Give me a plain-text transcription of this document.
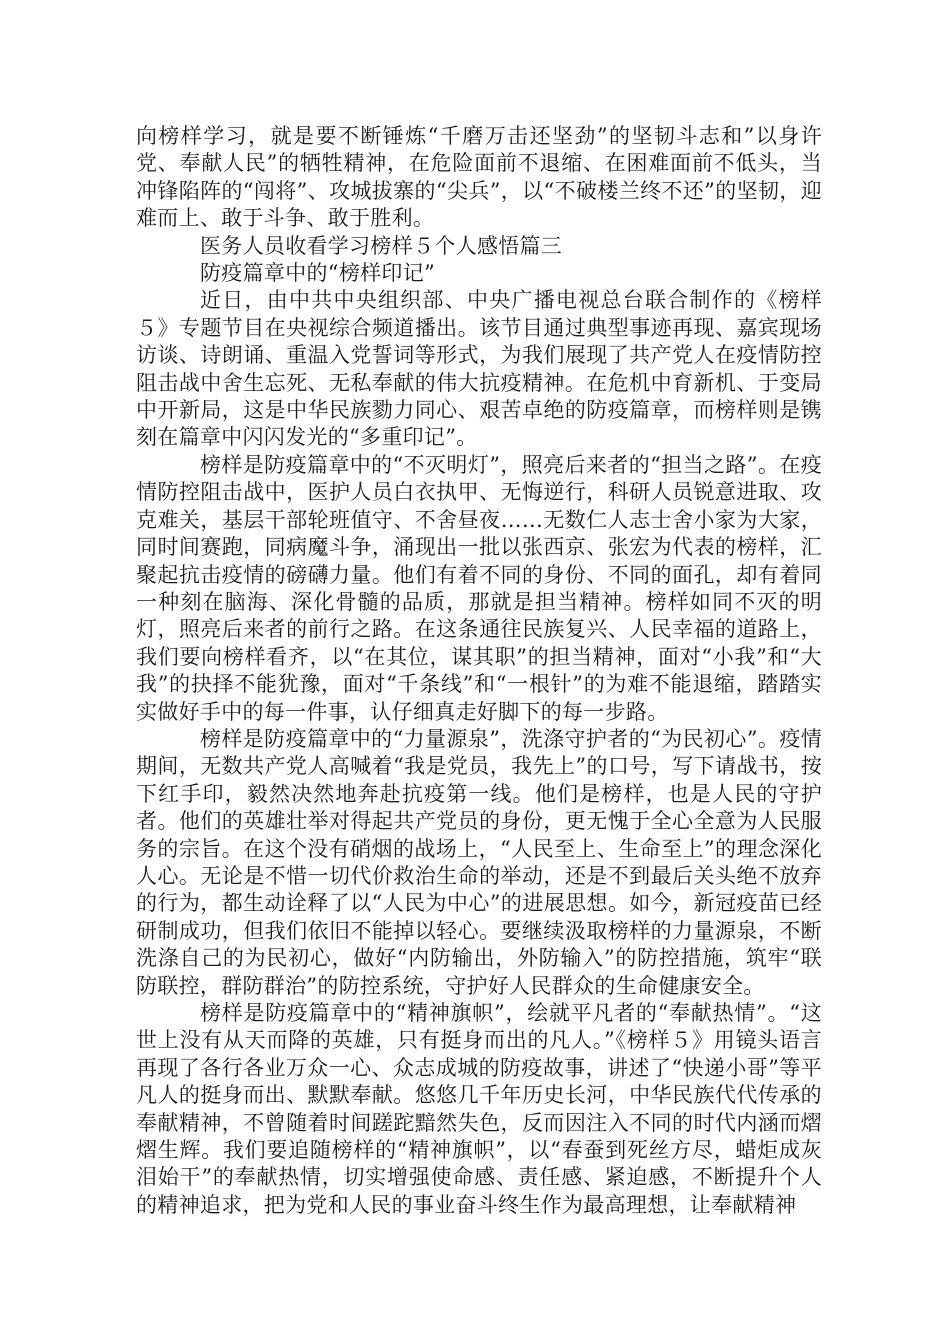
向榜样学习，就是要不断锤炼“千磨万击还坚劲”的坚韧斗志和”以身许党、奉献人民”的牺牲精神，在危险面前不退缩、在困难面前不低头，当冲锋陷阵的“闯将”、攻城拔寨的“尖兵”，以“不破楼兰终不还”的坚韧，迎难而上、敢于斗争、敢于胜利。

医务人员收看学习榜样５个人感悟篇三

防疫篇章中的“榜样印记”

近日，由中共中央组织部、中央广播电视总台联合制作的《榜样５》专题节目在央视综合频道播出。该节目通过典型事迹再现、嘉宾现场访谈、诗朗诵、重温入党誓词等形式，为我们展现了共产党人在疫情防控阻击战中舍生忘死、无私奉献的伟大抗疫精神。在危机中育新机、于变局中开新局，这是中华民族勠力同心、艰苦卓绝的防疫篇章，而榜样则是镌刻在篇章中闪闪发光的“多重印记”。

榜样是防疫篇章中的“不灭明灯”，照亮后来者的“担当之路”。在疫情防控阻击战中，医护人员白衣执甲、无悔逆行，科研人员锐意进取、攻克难关，基层干部轮班值守、不舍昼夜……无数仁人志士舍小家为大家，同时间赛跑，同病魔斗争，涌现出一批以张西京、张宏为代表的榜样，汇聚起抗击疫情的磅礴力量。他们有着不同的身份、不同的面孔，却有着同一种刻在脑海、深化骨髓的品质，那就是担当精神。榜样如同不灭的明灯，照亮后来者的前行之路。在这条通往民族复兴、人民幸福的道路上，我们要向榜样看齐，以“在其位，谋其职”的担当精神，面对“小我”和“大我”的抉择不能犹豫，面对“千条线”和“一根针”的为难不能退缩，踏踏实实做好手中的每一件事，认仔细真走好脚下的每一步路。

榜样是防疫篇章中的“力量源泉”，洗涤守护者的“为民初心”。疫情期间，无数共产党人高喊着“我是党员，我先上”的口号，写下请战书，按下红手印，毅然决然地奔赴抗疫第一线。他们是榜样，也是人民的守护者。他们的英雄壮举对得起共产党员的身份，更无愧于全心全意为人民服务的宗旨。在这个没有硝烟的战场上，“人民至上、生命至上”的理念深化人心。无论是不惜一切代价救治生命的举动，还是不到最后关头绝不放弃的行为，都生动诠释了以“人民为中心”的进展思想。如今，新冠疫苗已经研制成功，但我们依旧不能掉以轻心。要继续汲取榜样的力量源泉，不断洗涤自己的为民初心，做好“内防输出，外防输入”的防控措施，筑牢“联防联控，群防群治”的防控系统，守护好人民群众的生命健康安全。

榜样是防疫篇章中的“精神旗帜”，绘就平凡者的“奉献热情”。“这世上没有从天而降的英雄，只有挺身而出的凡人。”《榜样５》用镜头语言再现了各行各业万众一心、众志成城的防疫故事，讲述了“快递小哥”等平凡人的挺身而出、默默奉献。悠悠几千年历史长河，中华民族代代传承的奉献精神，不曾随着时间蹉跎黯然失色，反而因注入不同的时代内涵而熠熠生辉。我们要追随榜样的“精神旗帜”，以“春蚕到死丝方尽，蜡炬成灰泪始干”的奉献热情，切实增强使命感、责任感、紧迫感，不断提升个人的精神追求，把为党和人民的事业奋斗终生作为最高理想，让奉献精神
